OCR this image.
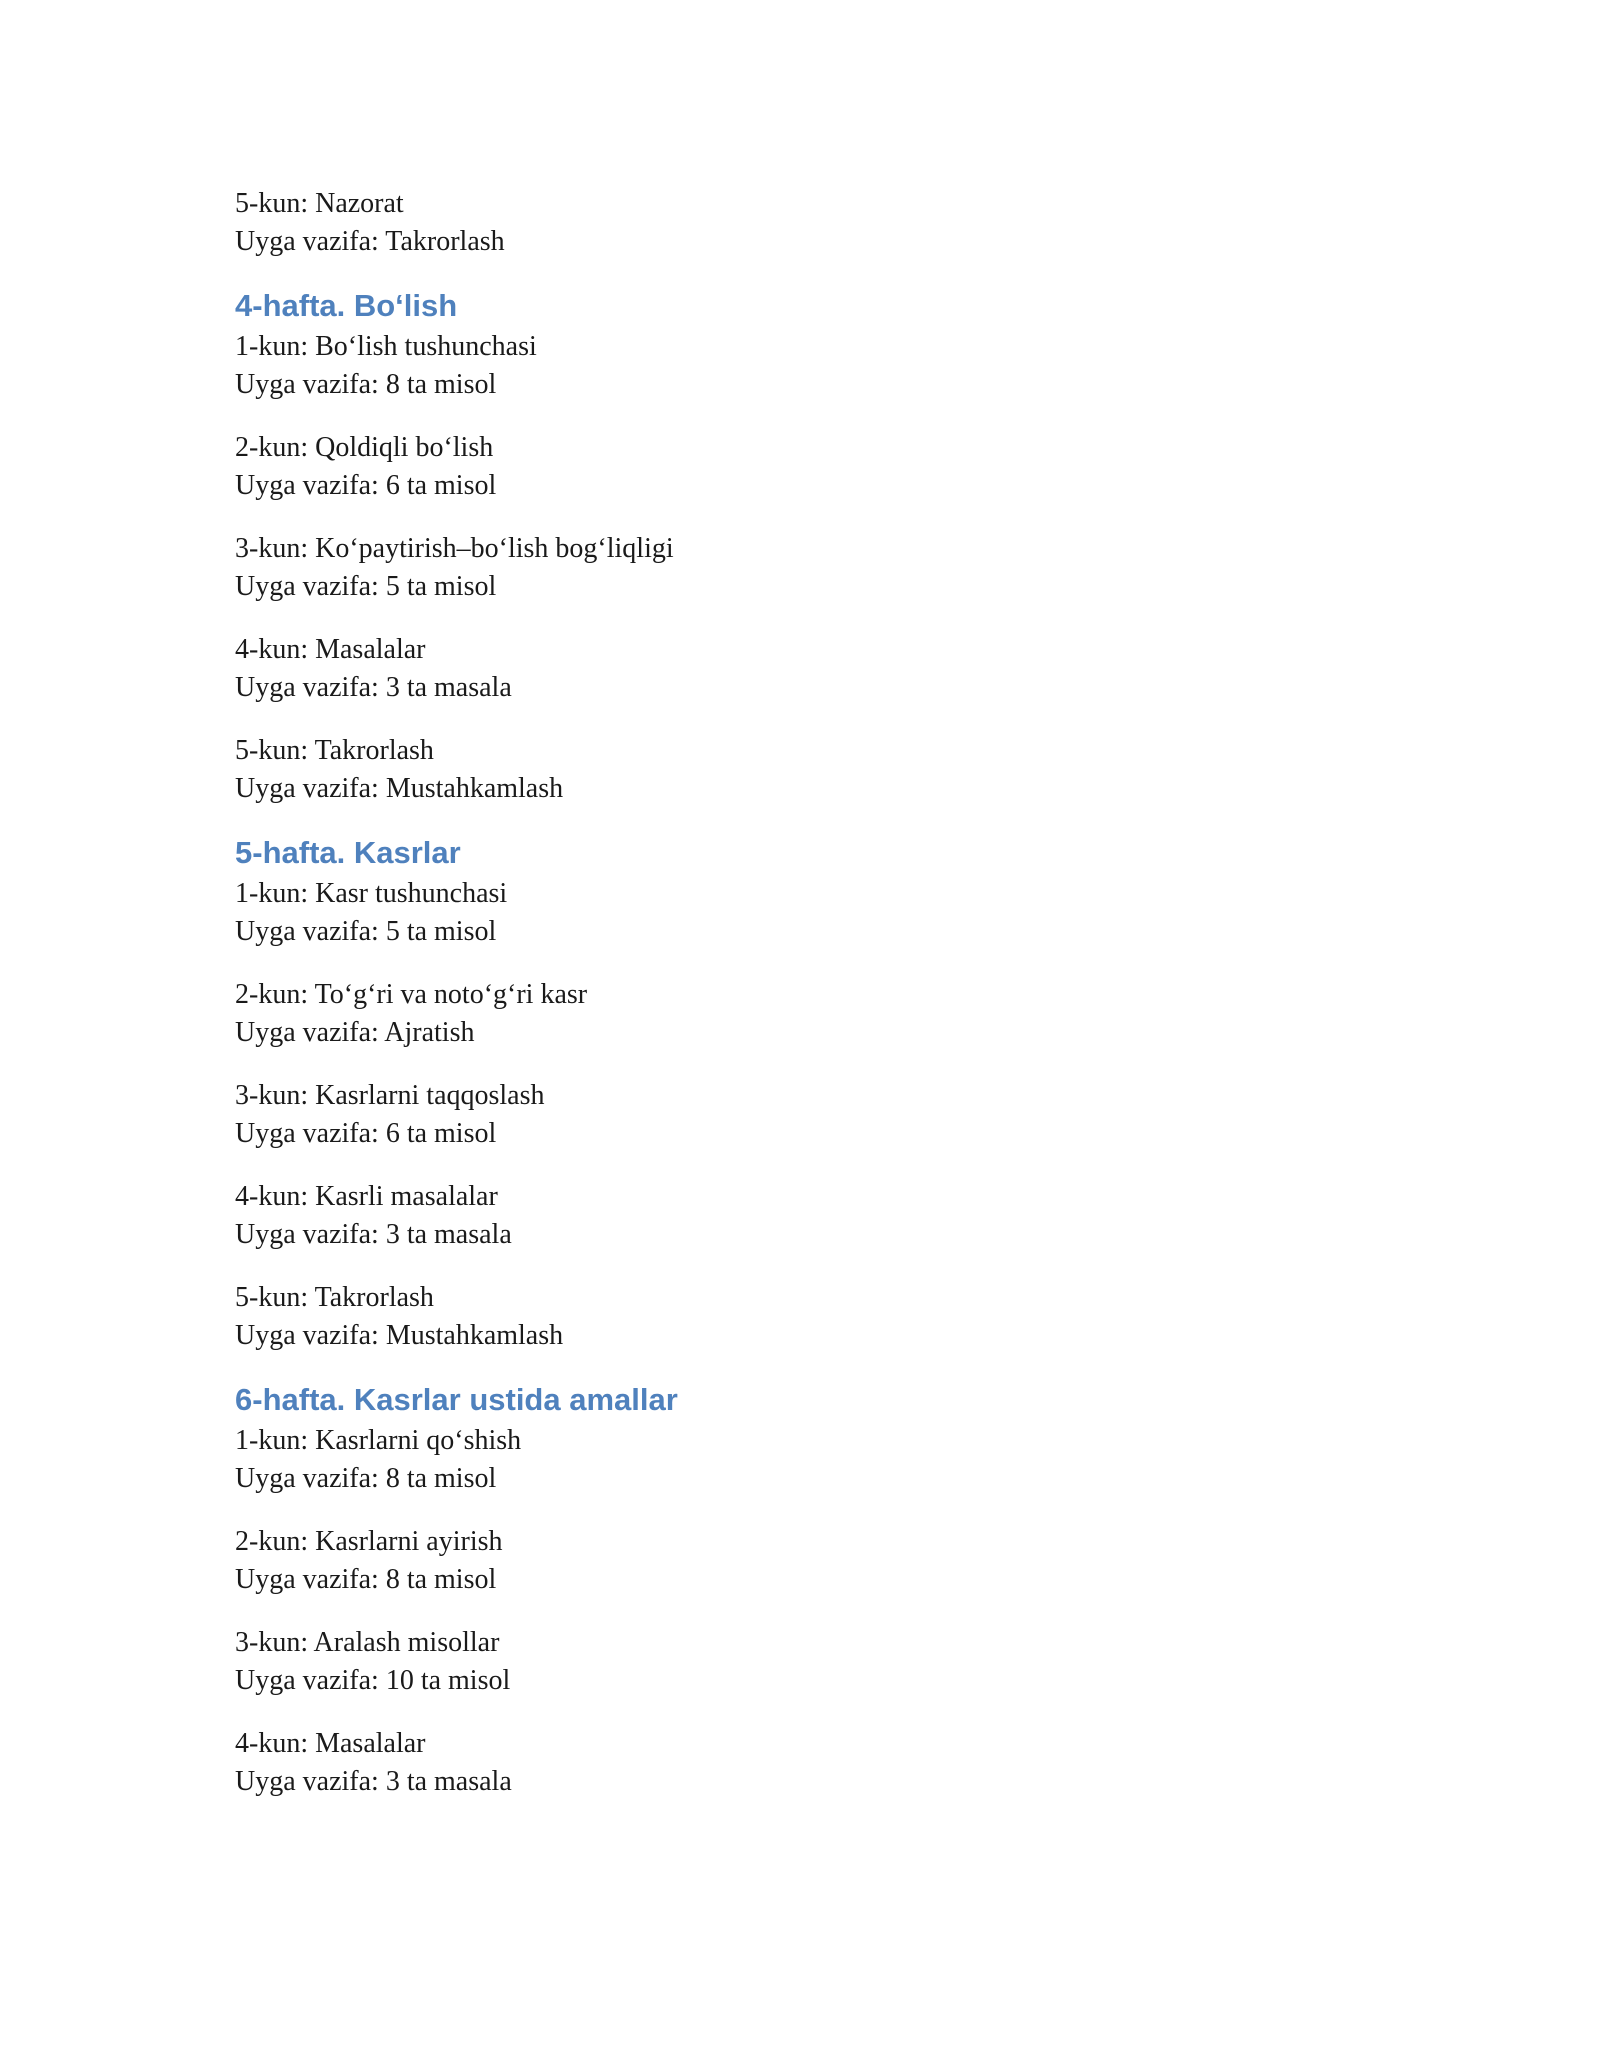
5-kun: Nazorat
Uyga vazifa: Takrorlash
4-hafta. Bo‘lish
1-kun: Bo‘lish tushunchasi
Uyga vazifa: 8 ta misol
2-kun: Qoldiqli bo‘lish
Uyga vazifa: 6 ta misol
3-kun: Ko‘paytirish–bo‘lish bog‘liqligi
Uyga vazifa: 5 ta misol
4-kun: Masalalar
Uyga vazifa: 3 ta masala
5-kun: Takrorlash
Uyga vazifa: Mustahkamlash
5-hafta. Kasrlar
1-kun: Kasr tushunchasi
Uyga vazifa: 5 ta misol
2-kun: To‘g‘ri va noto‘g‘ri kasr
Uyga vazifa: Ajratish
3-kun: Kasrlarni taqqoslash
Uyga vazifa: 6 ta misol
4-kun: Kasrli masalalar
Uyga vazifa: 3 ta masala
5-kun: Takrorlash
Uyga vazifa: Mustahkamlash
6-hafta. Kasrlar ustida amallar
1-kun: Kasrlarni qo‘shish
Uyga vazifa: 8 ta misol
2-kun: Kasrlarni ayirish
Uyga vazifa: 8 ta misol
3-kun: Aralash misollar
Uyga vazifa: 10 ta misol
4-kun: Masalalar
Uyga vazifa: 3 ta masala
